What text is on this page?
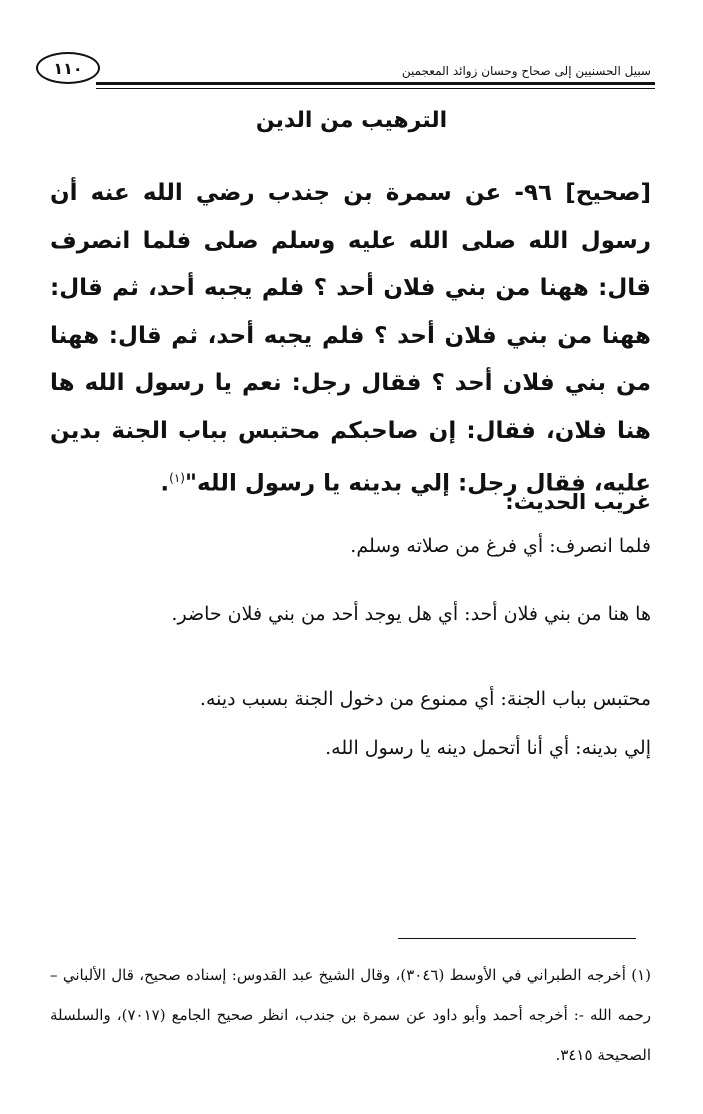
سبيل الحسنيين إلى صحاح وحسان زوائد المعجمين
١١٠
الترهيب من الدين
[صحيح] ٩٦- عن سمرة بن جندب رضي الله عنه أن رسول الله صلى الله عليه وسلم صلى فلما انصرف قال: ههنا من بني فلان أحد ؟ فلم يجبه أحد، ثم قال: ههنا من بني فلان أحد ؟ فلم يجبه أحد، ثم قال: ههنا من بني فلان أحد ؟ فقال رجل: نعم يا رسول الله ها هنا فلان، فقال: إن صاحبكم محتبس بباب الجنة بدين عليه، فقال رجل: إلي بدينه يا رسول الله"$^{(١)}$.
غريب الحديث:
فلما انصرف: أي فرغ من صلاته وسلم.
ها هنا من بني فلان أحد: أي هل يوجد أحد من بني فلان حاضر.
محتبس بباب الجنة: أي ممنوع من دخول الجنة بسبب دينه.
إلي بدينه: أي أنا أتحمل دينه يا رسول الله.
(١) أخرجه الطبراني في الأوسط (٣٠٤٦)، وقال الشيخ عبد القدوس: إسناده صحيح، قال الألباني – رحمه الله -: أخرجه أحمد وأبو داود عن سمرة بن جندب، انظر صحيح الجامع (٧٠١٧)، والسلسلة الصحيحة ٣٤١٥.
